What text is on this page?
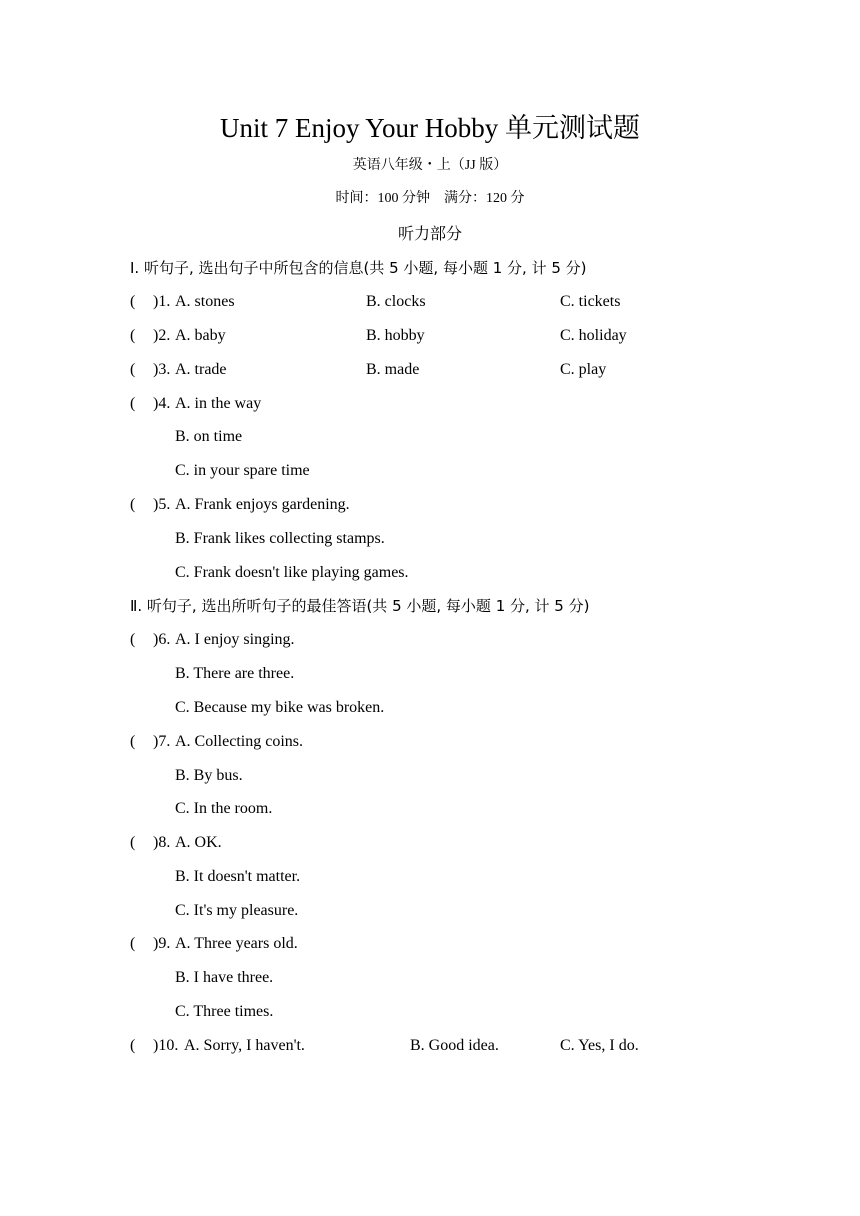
Unit 7 Enjoy Your Hobby 单元测试题
英语八年级・上（JJ 版）
时间：100 分钟　满分：120 分
听力部分
Ⅰ. 听句子, 选出句子中所包含的信息(共 5 小题, 每小题 1 分, 计 5 分)
( )1. A. stones	B. clocks	C. tickets
( )2. A. baby	B. hobby	C. holiday
( )3. A. trade	B. made	C. play
( )4. A. in the way
B. on time
C. in your spare time
( )5. A. Frank enjoys gardening.
B. Frank likes collecting stamps.
C. Frank doesn't like playing games.
Ⅱ. 听句子, 选出所听句子的最佳答语(共 5 小题, 每小题 1 分, 计 5 分)
( )6. A. I enjoy singing.
B. There are three.
C. Because my bike was broken.
( )7. A. Collecting coins.
B. By bus.
C. In the room.
( )8. A. OK.
B. It doesn't matter.
C. It's my pleasure.
( )9. A. Three years old.
B. I have three.
C. Three times.
( )10. A. Sorry, I haven't.	B. Good idea.	C. Yes, I do.
